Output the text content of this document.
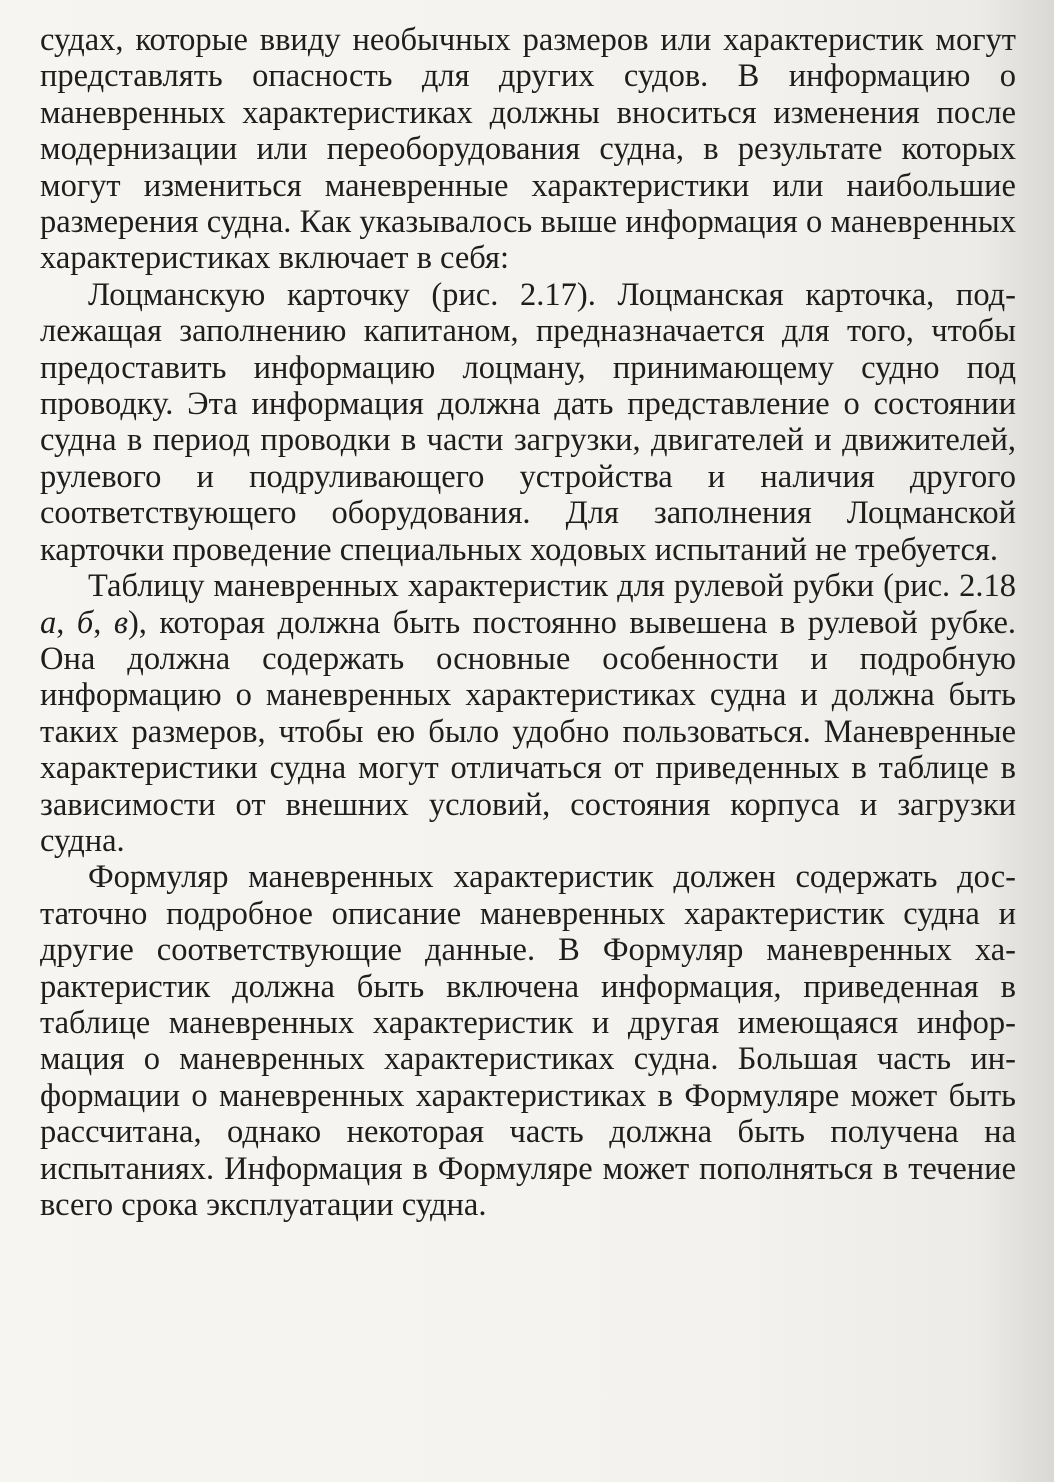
судах, которые ввиду необычных размеров или характеристик могут представлять опасность для других судов. В информацию о маневренных характеристиках должны вноситься изменения после модернизации или переоборудования судна, в результате которых могут измениться маневренные характеристики или наибольшие размерения судна. Как указывалось выше информация о маневренных характеристиках включает в себя:

Лоцманскую карточку (рис. 2.17). Лоцманская карточка, подлежащая заполнению капитаном, предназначается для того, чтобы предоставить информацию лоцману, принимающему судно под проводку. Эта информация должна дать представление о состоянии судна в период проводки в части загрузки, двигателей и движителей, рулевого и подруливающего устройства и наличия другого соответствующего оборудования. Для заполнения Лоцманской карточки проведение специальных ходовых испытаний не требуется.

Таблицу маневренных характеристик для рулевой рубки (рис. 2.18 а, б, в), которая должна быть постоянно вывешена в рулевой рубке. Она должна содержать основные особенности и подробную информацию о маневренных характеристиках судна и должна быть таких размеров, чтобы ею было удобно пользоваться. Маневренные характеристики судна могут отличаться от приведенных в таблице в зависимости от внешних условий, состояния корпуса и загрузки судна.

Формуляр маневренных характеристик должен содержать достаточно подробное описание маневренных характеристик судна и другие соответствующие данные. В Формуляр маневренных характеристик должна быть включена информация, приведенная в таблице маневренных характеристик и другая имеющаяся информация о маневренных характеристиках судна. Большая часть информации о маневренных характеристиках в Формуляре может быть рассчитана, однако некоторая часть должна быть получена на испытаниях. Информация в Формуляре может пополняться в течение всего срока эксплуатации судна.
